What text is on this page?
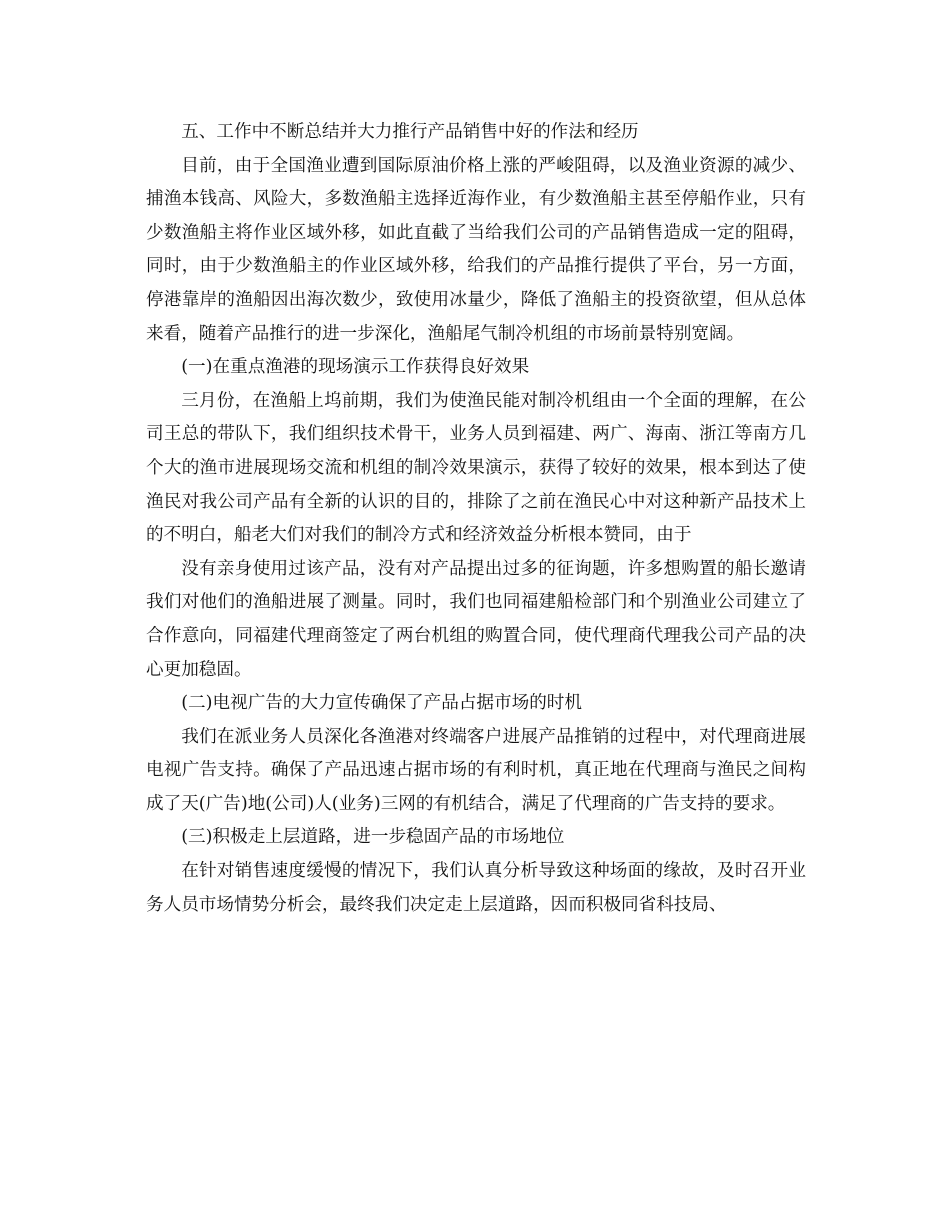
五、工作中不断总结并大力推行产品销售中好的作法和经历

目前，由于全国渔业遭到国际原油价格上涨的严峻阻碍，以及渔业资源的减少、捕渔本钱高、风险大，多数渔船主选择近海作业，有少数渔船主甚至停船作业，只有少数渔船主将作业区域外移，如此直截了当给我们公司的产品销售造成一定的阻碍，同时，由于少数渔船主的作业区域外移，给我们的产品推行提供了平台，另一方面，停港靠岸的渔船因出海次数少，致使用冰量少，降低了渔船主的投资欲望，但从总体来看，随着产品推行的进一步深化，渔船尾气制冷机组的市场前景特别宽阔。

(一)在重点渔港的现场演示工作获得良好效果

三月份，在渔船上坞前期，我们为使渔民能对制冷机组由一个全面的理解，在公司王总的带队下，我们组织技术骨干，业务人员到福建、两广、海南、浙江等南方几个大的渔市进展现场交流和机组的制冷效果演示，获得了较好的效果，根本到达了使渔民对我公司产品有全新的认识的目的，排除了之前在渔民心中对这种新产品技术上的不明白，船老大们对我们的制冷方式和经济效益分析根本赞同，由于

没有亲身使用过该产品，没有对产品提出过多的征询题，许多想购置的船长邀请我们对他们的渔船进展了测量。同时，我们也同福建船检部门和个别渔业公司建立了合作意向，同福建代理商签定了两台机组的购置合同，使代理商代理我公司产品的决心更加稳固。

(二)电视广告的大力宣传确保了产品占据市场的时机

我们在派业务人员深化各渔港对终端客户进展产品推销的过程中，对代理商进展电视广告支持。确保了产品迅速占据市场的有利时机，真正地在代理商与渔民之间构成了天(广告)地(公司)人(业务)三网的有机结合，满足了代理商的广告支持的要求。

(三)积极走上层道路，进一步稳固产品的市场地位

在针对销售速度缓慢的情况下，我们认真分析导致这种场面的缘故，及时召开业务人员市场情势分析会，最终我们决定走上层道路，因而积极同省科技局、
